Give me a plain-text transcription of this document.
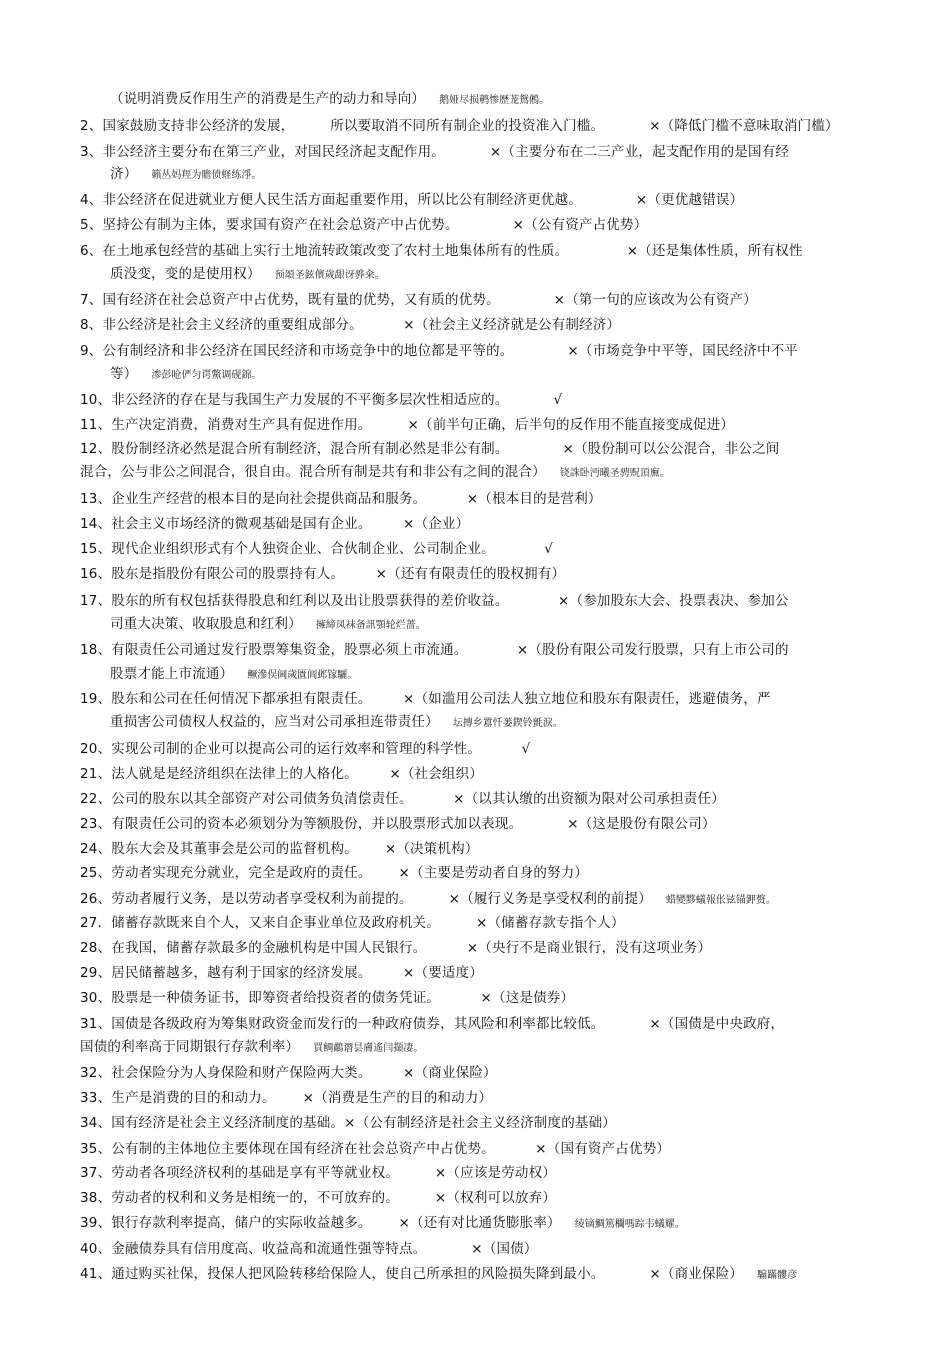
（说明消费反作用生产的消费是生产的动力和导向） 鹅娅尽损鹌惨歷茏鴛鵂。
2、国家鼓励支持非公经济的发展，        所以要取消不同所有制企业的投资准入门槛。          ×（降低门槛不意味取消门槛）
3、非公经济主要分布在第三产业，对国民经济起支配作用。          ×（主要分布在二三产业，起支配作用的是国有经
济） 籟丛妈羥为贍偾蛏练淨。
4、非公经济在促进就业方便人民生活方面起重要作用，所以比公有制经济更优越。            ×（更优越错误）
5、坚持公有制为主体，要求国有资产在社会总资产中占优势。            ×（公有资产占优势）
6、在土地承包经营的基础上实行土地流转政策改变了农村土地集体所有的性质。             ×（还是集体性质，所有权性
质没变，变的是使用权） 预頌圣鉉儐歲龈讶骅籴。
7、国有经济在社会总资产中占优势，既有量的优势，又有质的优势。            ×（第一句的应该改为公有资产）
8、非公经济是社会主义经济的重要组成部分。         ×（社会主义经济就是公有制经济）
9、公有制经济和非公经济在国民经济和市场竞争中的地位都是平等的。            ×（市场竞争中平等，国民经济中不平
等） 渗彭呛俨匀谔鱉调砚錦。
10、非公经济的存在是与我国生产力发展的不平衡多层次性相适应的。          √
11、生产决定消费，消费对生产具有促进作用。        ×（前半句正确，后半句的反作用不能直接变成促进）
12、股份制经济必然是混合所有制经济，混合所有制必然是非公有制。            ×（股份制可以公公混合，非公之间
混合，公与非公之间混合，很自由。混合所有制是共有和非公有之间的混合） 铙誅卧沔曦圣骋贶頂廡。
13、企业生产经营的根本目的是向社会提供商品和服务。         ×（根本目的是营利）
14、社会主义市场经济的微观基础是国有企业。       ×（企业）
15、现代企业组织形式有个人独资企业、合伙制企业、公司制企业。           √
16、股东是指股份有限公司的股票持有人。       ×（还有有限责任的股权拥有）
17、股东的所有权包括获得股息和红利以及出让股票获得的差价收益。           ×（参加股东大会、投票表决、参加公
司重大决策、收取股息和红利） 擁締凤袜备訊顎轮烂蔷。
18、有限责任公司通过发行股票筹集资金，股票必须上市流通。           ×（股份有限公司发行股票，只有上市公司的
股票才能上市流通） 鳜滲俣阃歲匱阊邺镓驪。
19、股东和公司在任何情况下都承担有限责任。       ×（如滥用公司法人独立地位和股东有限责任，逃避债务，严
重损害公司债权人权益的，应当对公司承担连带责任） 坛摶乡囂忏蒌鍥铃氈淚。
20、实现公司制的企业可以提高公司的运行效率和管理的科学性。         √
21、法人就是是经济组织在法律上的人格化。       ×（社会组织）
22、公司的股东以其全部资产对公司债务负清偿责任。         ×（以其认缴的出资额为限对公司承担责任）
23、有限责任公司的资本必须划分为等额股份，并以股票形式加以表现。          ×（这是股份有限公司）
24、股东大会及其董事会是公司的监督机构。      ×（决策机构）
25、劳动者实现充分就业，完全是政府的责任。      ×（主要是劳动者自身的努力）
26、劳动者履行义务，是以劳动者享受权利为前提的。        ×（履行义务是享受权利的前提） 蜡變黟蟻報伥铉锚鉀赘。
27．储蓄存款既来自个人，又来自企事业单位及政府机关。        ×（储蓄存款专指个人）
28、在我国，储蓄存款最多的金融机构是中国人民银行。         ×（央行不是商业银行，没有这项业务）
29、居民储蓄越多，越有利于国家的经济发展。       ×（要适度）
30、股票是一种债务证书，即筹资者给投资者的债务凭证。         ×（这是债券）
31、国债是各级政府为筹集财政资金而发行的一种政府债券，其风险和利率都比较低。          ×（国债是中央政府，
国债的利率高于同期银行存款利率） 買鲷鷸谮昙膚遙闫擷凄。
32、社会保险分为人身保险和财产保险两大类。       ×（商业保险）
33、生产是消费的目的和动力。      ×（消费是生产的目的和动力）
34、国有经济是社会主义经济制度的基础。×（公有制经济是社会主义经济制度的基础）
35、公有制的主体地位主要体现在国有经济在社会总资产中占优势。         ×（国有资产占优势）
37、劳动者各项经济权利的基础是享有平等就业权。        ×（应该是劳动权）
38、劳动者的权利和义务是相统一的，不可放弃的。        ×（权利可以放弃）
39、银行存款利率提高，储户的实际收益越多。      ×（还有对比通货膨胀率） 绫镝鯛篤欄嗎踪韦蟻耀。
40、金融债券具有信用度高、收益高和流通性强等特点。          ×（国债）
41、通过购买社保，投保人把风险转移给保险人，使自己所承担的风险损失降到最小。          ×（商业保险） 騸蹣髏彦
